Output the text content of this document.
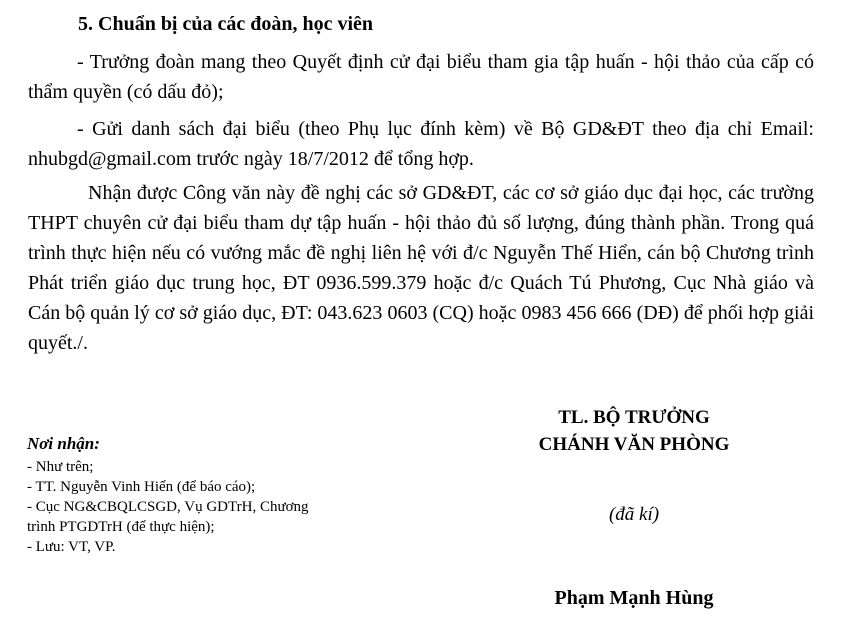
5. Chuẩn bị của các đoàn, học viên

- Trưởng đoàn mang theo Quyết định cử đại biểu tham gia tập huấn - hội thảo của cấp có thẩm quyền (có dấu đỏ);

- Gửi danh sách đại biểu (theo Phụ lục đính kèm) về Bộ GD&ĐT theo địa chỉ Email: nhubgd@gmail.com trước ngày 18/7/2012 để tổng hợp.

Nhận được Công văn này đề nghị các sở GD&ĐT, các cơ sở giáo dục đại học, các trường THPT chuyên cử đại biểu tham dự tập huấn - hội thảo đủ số lượng, đúng thành phần. Trong quá trình thực hiện nếu có vướng mắc đề nghị liên hệ với đ/c Nguyễn Thế Hiển, cán bộ Chương trình Phát triển giáo dục trung học, ĐT 0936.599.379 hoặc đ/c Quách Tú Phương, Cục Nhà giáo và Cán bộ quản lý cơ sở giáo dục, ĐT: 043.623 0603 (CQ) hoặc 0983 456 666 (DĐ) để phối hợp giải quyết./.

TL. BỘ TRƯỞNG
CHÁNH VĂN PHÒNG
(đã kí)
Phạm Mạnh Hùng
Nơi nhận:

- Như trên;

- TT. Nguyễn Vinh Hiển (để báo cáo);

- Cục NG&CBQLCSGD, Vụ GDTrH, Chương

trình PTGDTrH (để thực hiện);

- Lưu: VT, VP.
